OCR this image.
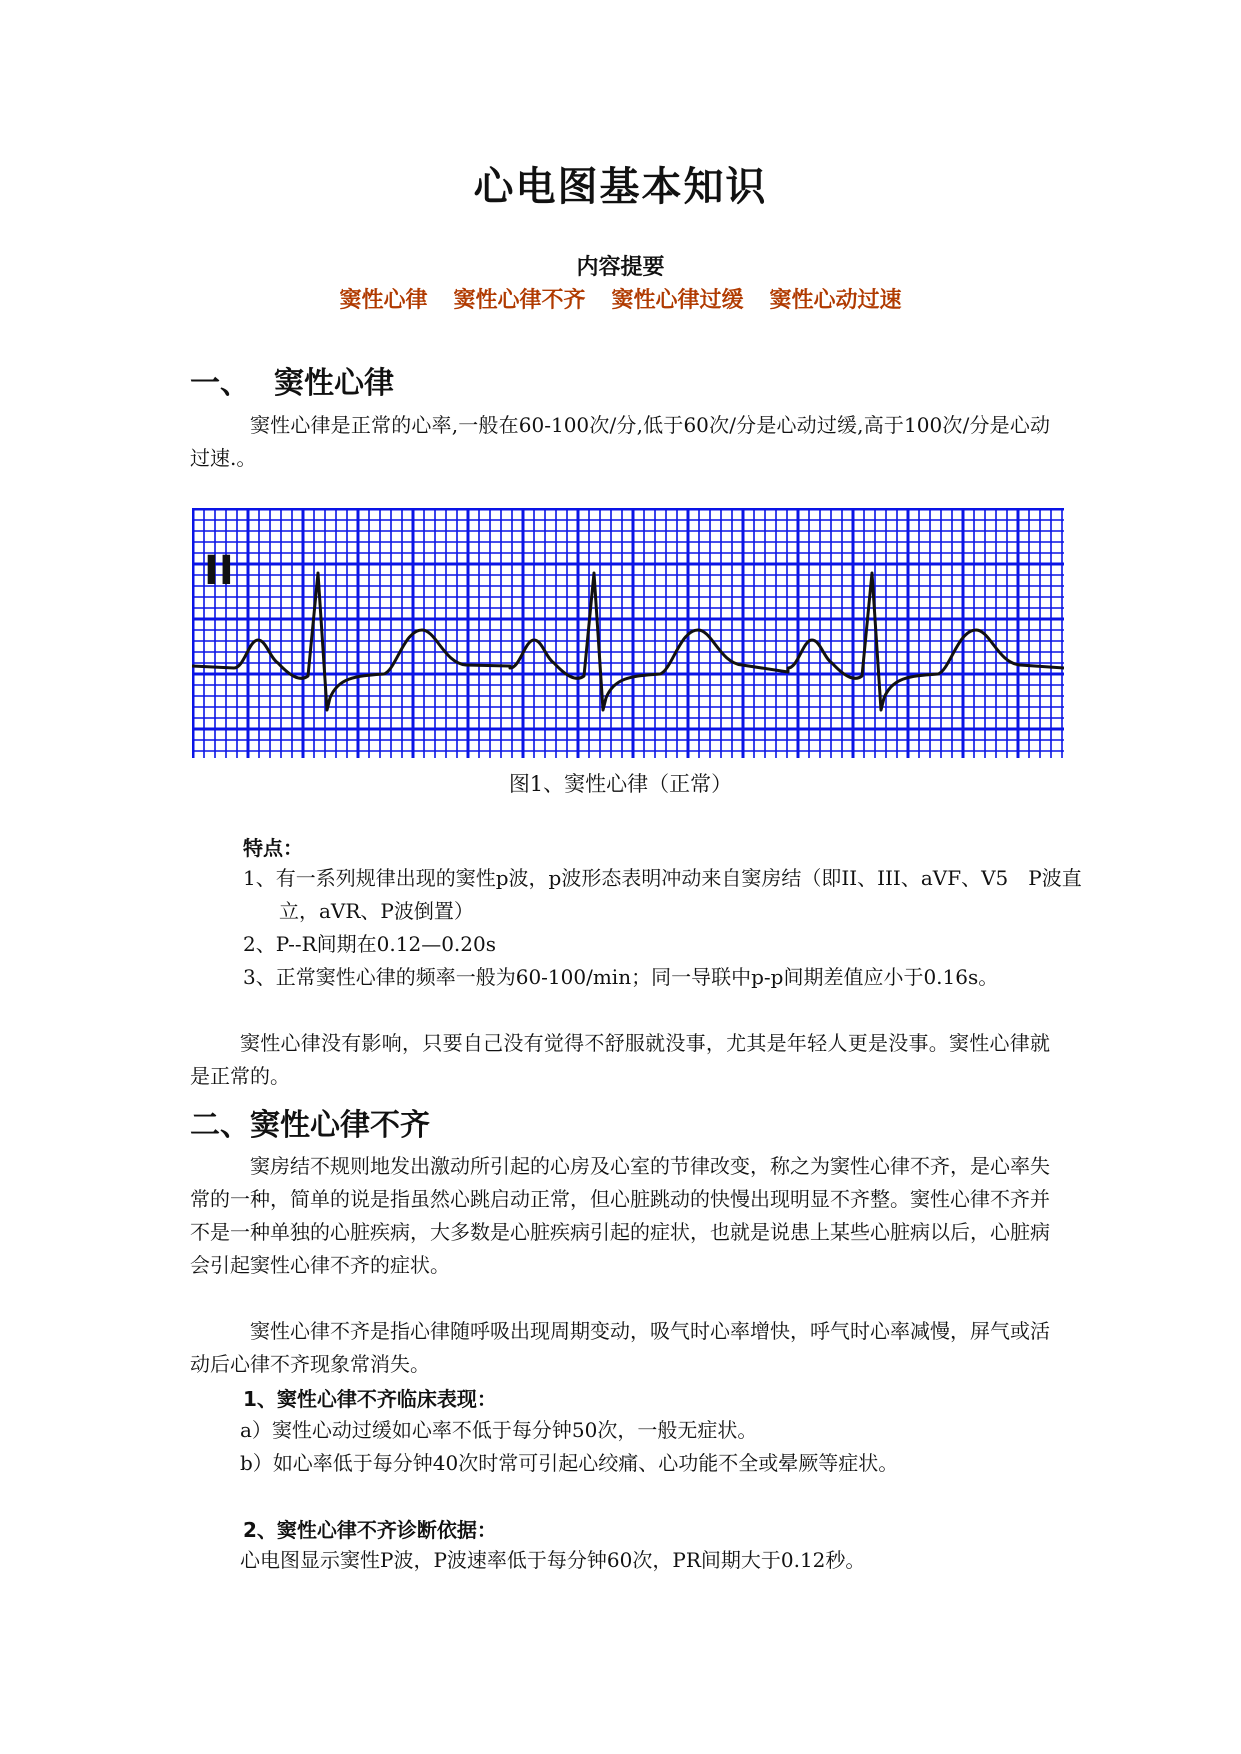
心电图基本知识
内容提要
窦性心律 窦性心律不齐 窦性心律过缓 窦性心动过速
一、 窦性心律
窦性心律是正常的心率,一般在60-100次/分,低于60次/分是心动过缓,高于100次/分是心动过速.。
II
图1、窦性心律（正常）
特点：
1、有一系列规律出现的窦性p波，p波形态表明冲动来自窦房结（即II、III、aVF、V5　P波直立，aVR、P波倒置）
2、P--R间期在0.12—0.20s
3、正常窦性心律的频率一般为60-100/min；同一导联中p-p间期差值应小于0.16s。
窦性心律没有影响，只要自己没有觉得不舒服就没事，尤其是年轻人更是没事。窦性心律就是正常的。
二、窦性心律不齐
窦房结不规则地发出激动所引起的心房及心室的节律改变，称之为窦性心律不齐，是心率失常的一种，简单的说是指虽然心跳启动正常，但心脏跳动的快慢出现明显不齐整。窦性心律不齐并不是一种单独的心脏疾病，大多数是心脏疾病引起的症状，也就是说患上某些心脏病以后，心脏病会引起窦性心律不齐的症状。
窦性心律不齐是指心律随呼吸出现周期变动，吸气时心率增快，呼气时心率减慢，屏气或活动后心律不齐现象常消失。
1、窦性心律不齐临床表现：
a）窦性心动过缓如心率不低于每分钟50次，一般无症状。
b）如心率低于每分钟40次时常可引起心绞痛、心功能不全或晕厥等症状。
2、窦性心律不齐诊断依据：
心电图显示窦性P波，P波速率低于每分钟60次，PR间期大于0.12秒。
